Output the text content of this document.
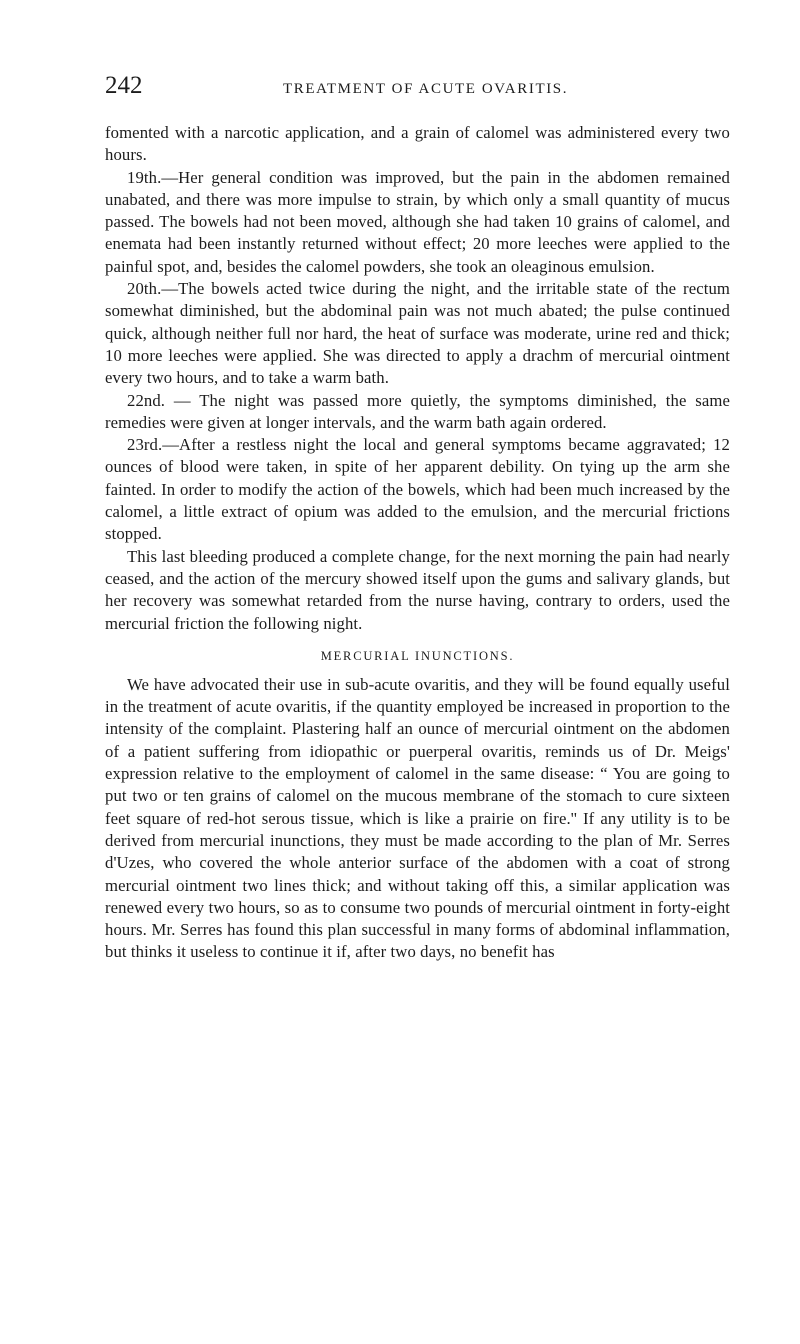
242	TREATMENT OF ACUTE OVARITIS.

fomented with a narcotic application, and a grain of calomel was administered every two hours.

19th.—Her general condition was improved, but the pain in the abdomen remained unabated, and there was more impulse to strain, by which only a small quantity of mucus passed. The bowels had not been moved, although she had taken 10 grains of calomel, and enemata had been instantly returned without effect; 20 more leeches were applied to the painful spot, and, besides the calomel powders, she took an oleaginous emulsion.

20th.—The bowels acted twice during the night, and the irritable state of the rectum somewhat diminished, but the abdominal pain was not much abated; the pulse continued quick, although neither full nor hard, the heat of surface was moderate, urine red and thick; 10 more leeches were applied. She was directed to apply a drachm of mercurial ointment every two hours, and to take a warm bath.

22nd. — The night was passed more quietly, the symptoms diminished, the same remedies were given at longer intervals, and the warm bath again ordered.

23rd.—After a restless night the local and general symptoms became aggravated; 12 ounces of blood were taken, in spite of her apparent debility. On tying up the arm she fainted. In order to modify the action of the bowels, which had been much increased by the calomel, a little extract of opium was added to the emulsion, and the mercurial frictions stopped.

This last bleeding produced a complete change, for the next morning the pain had nearly ceased, and the action of the mercury showed itself upon the gums and salivary glands, but her recovery was somewhat retarded from the nurse having, contrary to orders, used the mercurial friction the following night.

MERCURIAL INUNCTIONS.

We have advocated their use in sub-acute ovaritis, and they will be found equally useful in the treatment of acute ovaritis, if the quantity employed be increased in proportion to the intensity of the complaint. Plastering half an ounce of mercurial ointment on the abdomen of a patient suffering from idiopathic or puerperal ovaritis, reminds us of Dr. Meigs' expression relative to the employment of calomel in the same disease: “ You are going to put two or ten grains of calomel on the mucous membrane of the stomach to cure sixteen feet square of red-hot serous tissue, which is like a prairie on fire.'' If any utility is to be derived from mercurial inunctions, they must be made according to the plan of Mr. Serres d'Uzes, who covered the whole anterior surface of the abdomen with a coat of strong mercurial ointment two lines thick; and without taking off this, a similar application was renewed every two hours, so as to consume two pounds of mercurial ointment in forty-eight hours. Mr. Serres has found this plan successful in many forms of abdominal inflammation, but thinks it useless to continue it if, after two days, no benefit has
